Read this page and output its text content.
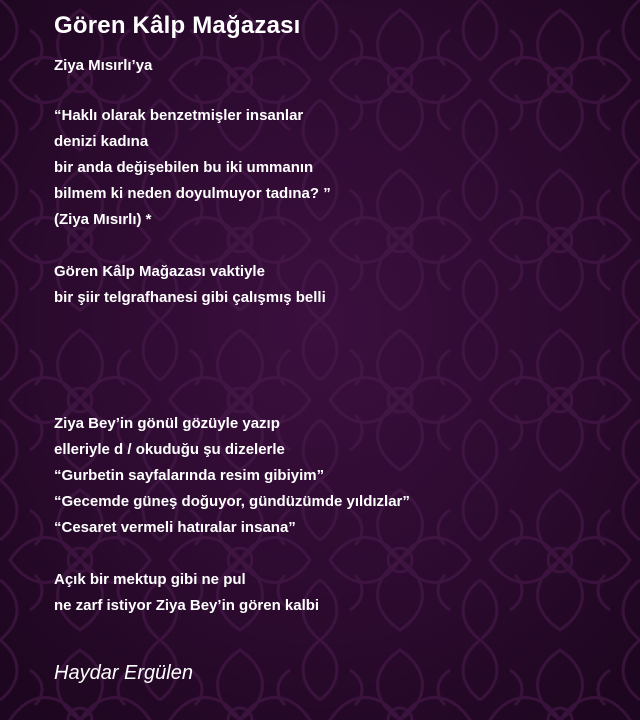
Gören Kâlp Mağazası
Ziya Mısırlı’ya
“Haklı olarak benzetmişler insanlar
denizi kadına
bir anda değişebilen bu iki ummanın
bilmem ki neden doyulmuyor tadına? ”
(Ziya Mısırlı) *
Gören Kâlp Mağazası vaktiyle
bir şiir telgrafhanesi gibi çalışmış belli
Ziya Bey’in gönül gözüyle yazıp
elleriyle d / okuduğu şu dizelerle
“Gurbetin sayfalarında resim gibiyim”
“Gecemde güneş doğuyor, gündüzümde yıldızlar”
“Cesaret vermeli hatıralar insana”
Açık bir mektup gibi ne pul
ne zarf istiyor Ziya Bey’in gören kalbi
Haydar Ergülen
